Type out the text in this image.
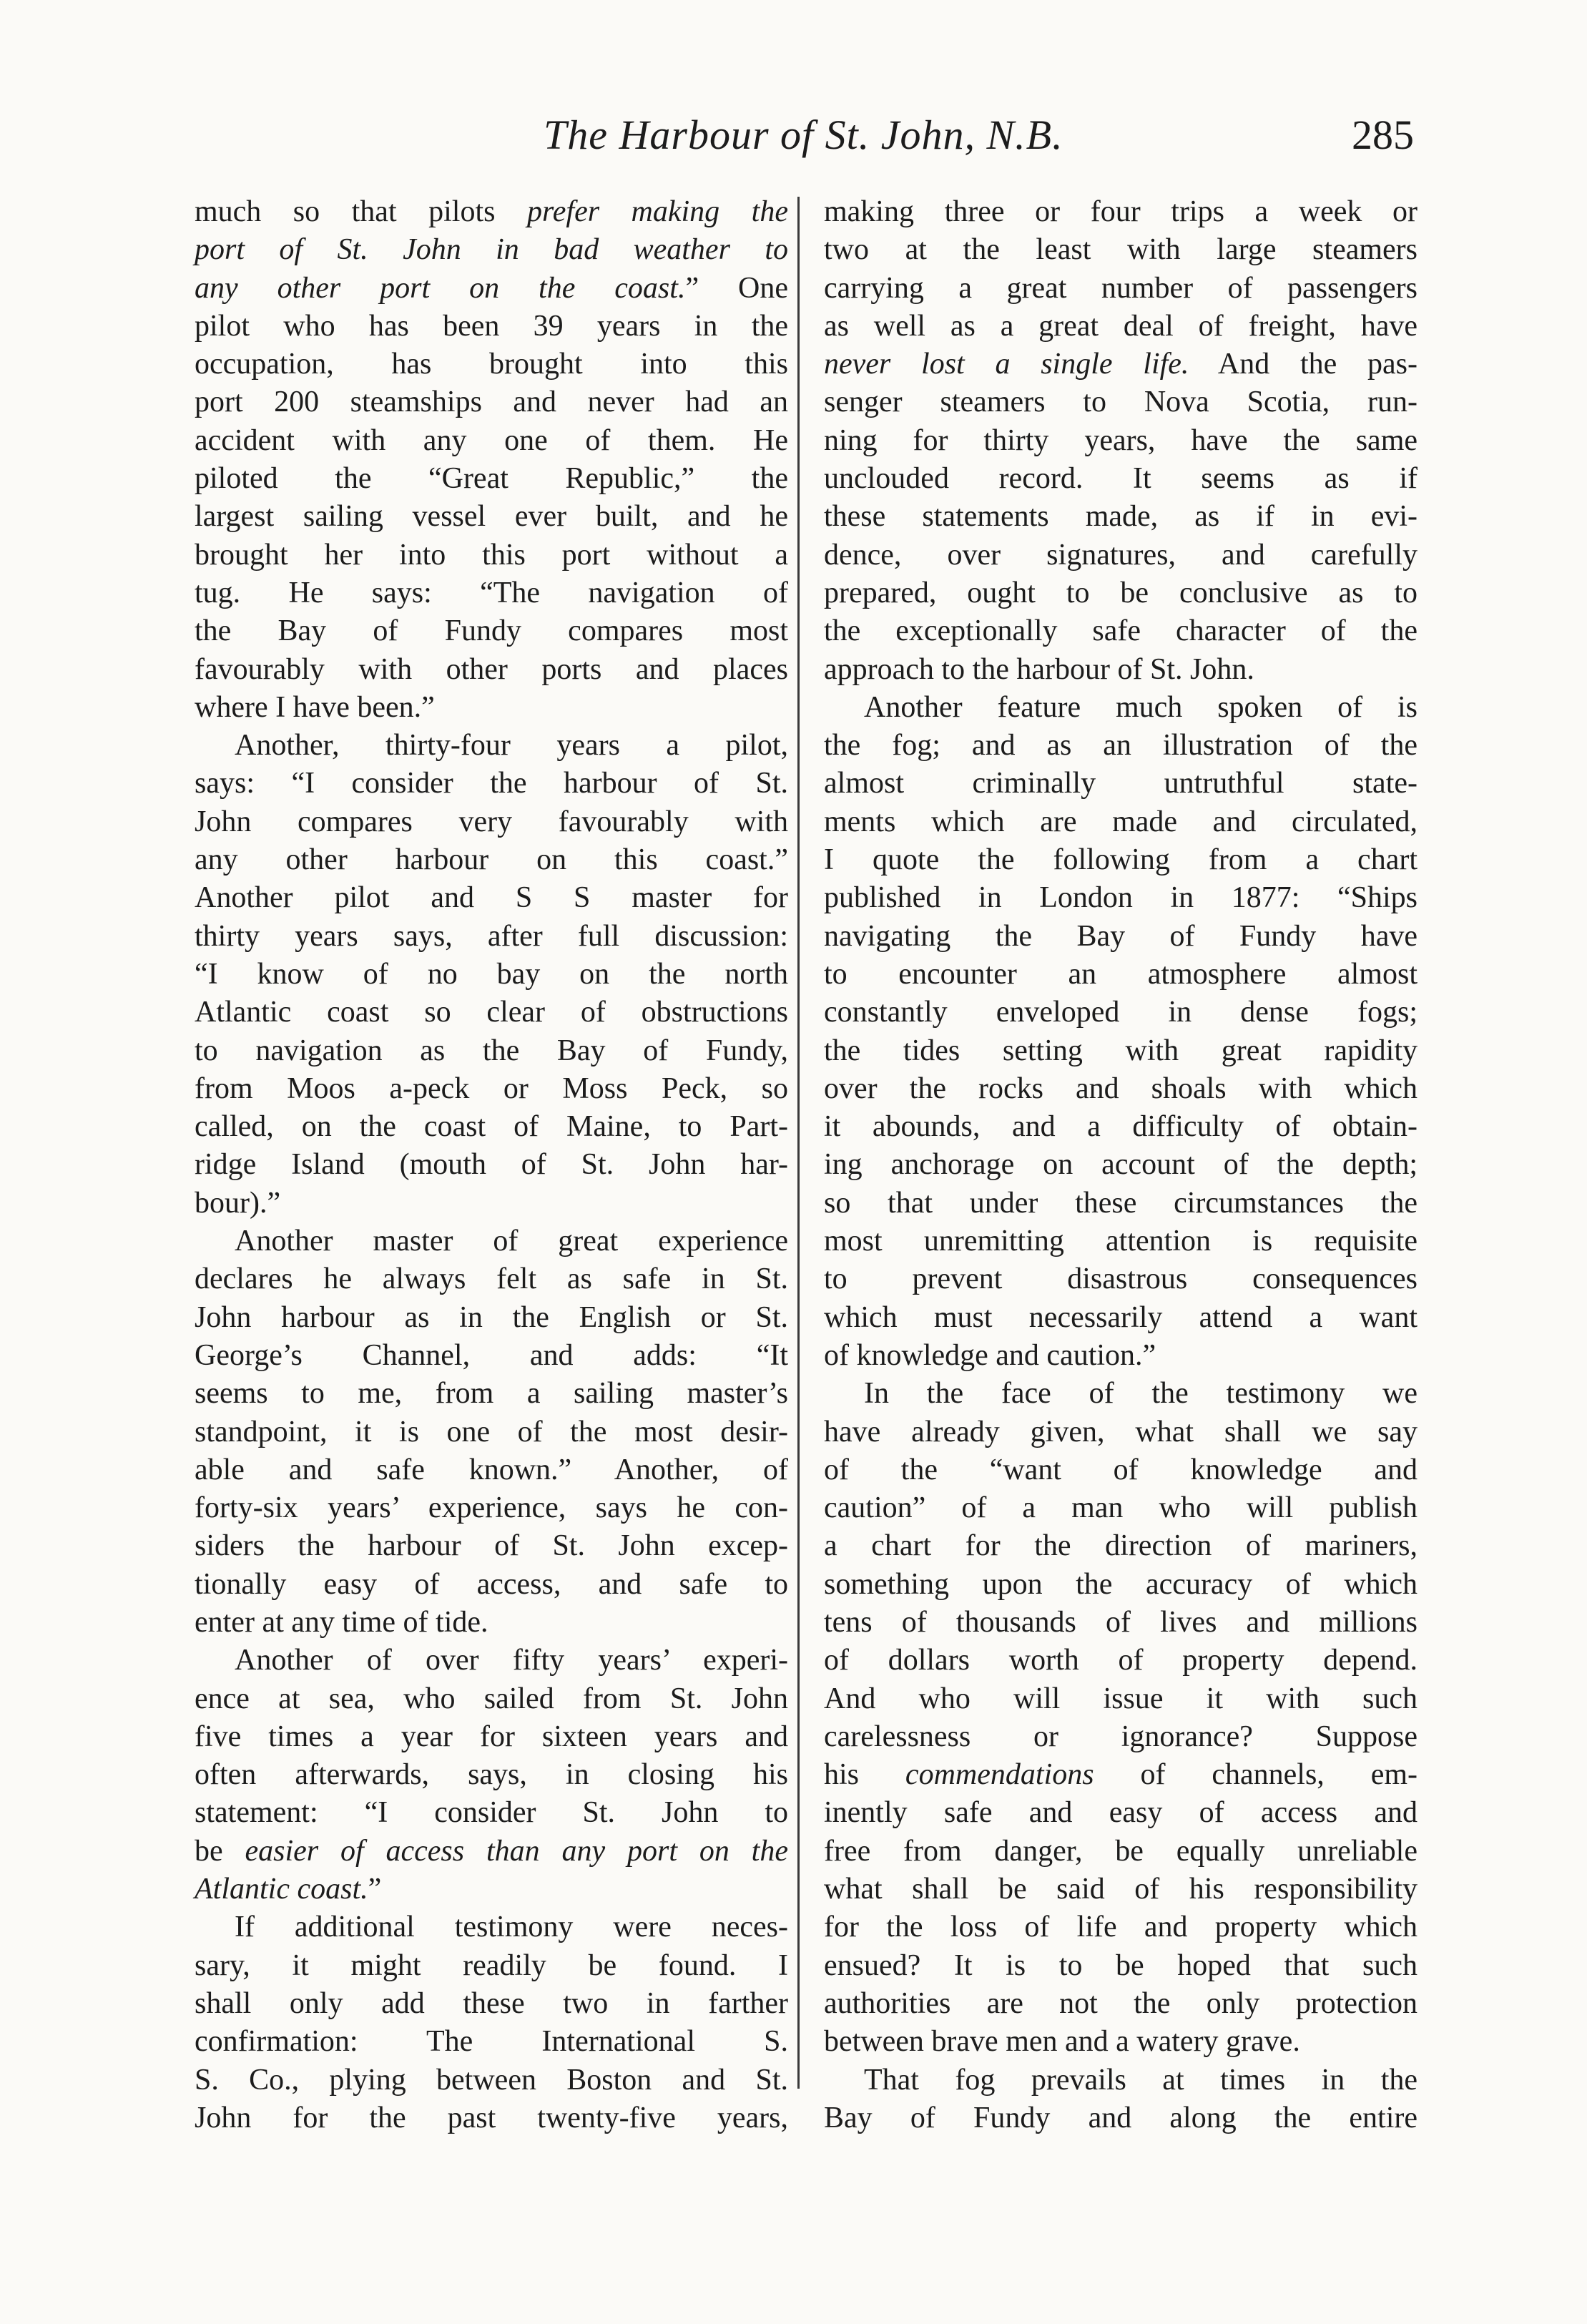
The Harbour of St. John, N.B.	285
much so that pilots prefer making the
port of St. John in bad weather to
any other port on the coast.” One
pilot who has been 39 years in the
occupation, has brought into this
port 200 steamships and never had an
accident with any one of them. He
piloted the “Great Republic,” the
largest sailing vessel ever built, and he
brought her into this port without a
tug. He says: “The navigation of
the Bay of Fundy compares most
favourably with other ports and places
where I have been.”
Another, thirty-four years a pilot,
says: “I consider the harbour of St.
John compares very favourably with
any other harbour on this coast.”
Another pilot and S S master for
thirty years says, after full discussion:
“I know of no bay on the north
Atlantic coast so clear of obstructions
to navigation as the Bay of Fundy,
from Moos a-peck or Moss Peck, so
called, on the coast of Maine, to Part-
ridge Island (mouth of St. John har-
bour).”
Another master of great experience
declares he always felt as safe in St.
John harbour as in the English or St.
George’s Channel, and adds: “It
seems to me, from a sailing master’s
standpoint, it is one of the most desir-
able and safe known.” Another, of
forty-six years’ experience, says he con-
siders the harbour of St. John excep-
tionally easy of access, and safe to
enter at any time of tide.
Another of over fifty years’ experi-
ence at sea, who sailed from St. John
five times a year for sixteen years and
often afterwards, says, in closing his
statement: “I consider St. John to
be easier of access than any port on the
Atlantic coast.”
If additional testimony were neces-
sary, it might readily be found. I
shall only add these two in farther
confirmation: The International S.
S. Co., plying between Boston and St.
John for the past twenty-five years,
making three or four trips a week or
two at the least with large steamers
carrying a great number of passengers
as well as a great deal of freight, have
never lost a single life. And the pas-
senger steamers to Nova Scotia, run-
ning for thirty years, have the same
unclouded record. It seems as if
these statements made, as if in evi-
dence, over signatures, and carefully
prepared, ought to be conclusive as to
the exceptionally safe character of the
approach to the harbour of St. John.
Another feature much spoken of is
the fog; and as an illustration of the
almost criminally untruthful state-
ments which are made and circulated,
I quote the following from a chart
published in London in 1877: “Ships
navigating the Bay of Fundy have
to encounter an atmosphere almost
constantly enveloped in dense fogs;
the tides setting with great rapidity
over the rocks and shoals with which
it abounds, and a difficulty of obtain-
ing anchorage on account of the depth;
so that under these circumstances the
most unremitting attention is requisite
to prevent disastrous consequences
which must necessarily attend a want
of knowledge and caution.”
In the face of the testimony we
have already given, what shall we say
of the “want of knowledge and
caution” of a man who will publish
a chart for the direction of mariners,
something upon the accuracy of which
tens of thousands of lives and millions
of dollars worth of property depend.
And who will issue it with such
carelessness or ignorance? Suppose
his commendations of channels, em-
inently safe and easy of access and
free from danger, be equally unreliable
what shall be said of his responsibility
for the loss of life and property which
ensued? It is to be hoped that such
authorities are not the only protection
between brave men and a watery grave.
That fog prevails at times in the
Bay of Fundy and along the entire
